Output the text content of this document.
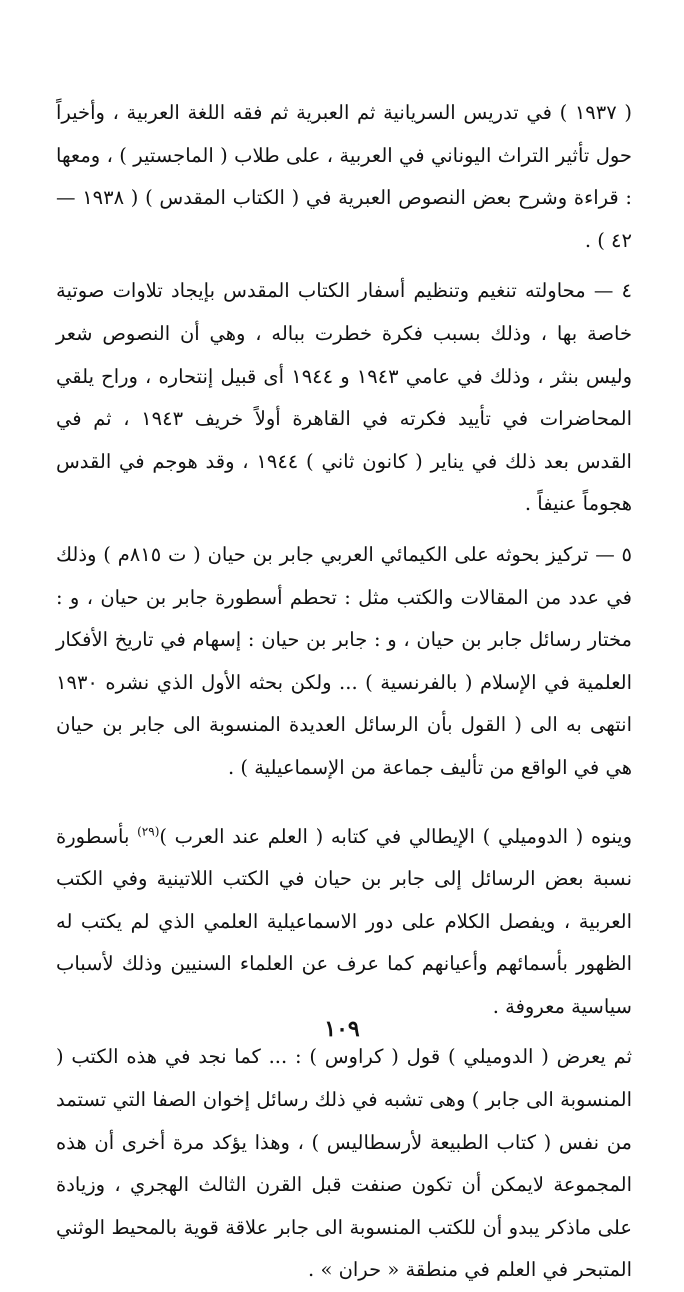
( ١٩٣٧ ) في تدريس السريانية ثم العبرية ثم فقه اللغة العربية ، وأخيراً حول تأثير التراث اليوناني في العربية ، على طلاب ( الماجستير ) ، ومعها : قراءة وشرح بعض النصوص العبرية في ( الكتاب المقدس ) ( ١٩٣٨ — ٤٢ ) .

٤ — محاولته تنغيم وتنظيم أسفار الكتاب المقدس بإيجاد تلاوات صوتية خاصة بها ، وذلك بسبب فكرة خطرت بباله ، وهي أن النصوص شعر وليس بنثر ، وذلك في عامي ١٩٤٣ و ١٩٤٤ أى قبيل إنتحاره ، وراح يلقي المحاضرات في تأييد فكرته في القاهرة أولاً خريف ١٩٤٣ ، ثم في القدس بعد ذلك في يناير ( كانون ثاني ) ١٩٤٤ ، وقد هوجم في القدس هجوماً عنيفاً .

٥ — تركيز بحوثه على الكيمائي العربي جابر بن حيان ( ت ٨١٥م ) وذلك في عدد من المقالات والكتب مثل : تحطم أسطورة جابر بن حيان ، و : مختار رسائل جابر بن حيان ، و : جابر بن حيان : إسهام في تاريخ الأفكار العلمية في الإسلام ( بالفرنسية ) ... ولكن بحثه الأول الذي نشره ١٩٣٠ انتهى به الى ( القول بأن الرسائل العديدة المنسوبة الى جابر بن حيان هي في الواقع من تأليف جماعة من الإسماعيلية ) .

وينوه ( الدوميلي ) الإيطالي في كتابه ( العلم عند العرب )$^{(٢٩)}$ بأسطورة نسبة بعض الرسائل إلى جابر بن حيان في الكتب اللاتينية وفي الكتب العربية ، ويفصل الكلام على دور الاسماعيلية العلمي الذي لم يكتب له الظهور بأسمائهم وأعيانهم كما عرف عن العلماء السنيين وذلك لأسباب سياسية معروفة .

ثم يعرض ( الدوميلي ) قول ( كراوس ) : ... كما نجد في هذه الكتب ( المنسوبة الى جابر ) وهى تشبه في ذلك رسائل إخوان الصفا التي تستمد من نفس ( كتاب الطبيعة لأرسطاليس ) ، وهذا يؤكد مرة أخرى أن هذه المجموعة لايمكن أن تكون صنفت قبل القرن الثالث الهجري ، وزيادة على ماذكر يبدو أن للكتب المنسوبة الى جابر علاقة قوية بالمحيط الوثني المتبحر في العلم في منطقة « حران » .

١٠٩
